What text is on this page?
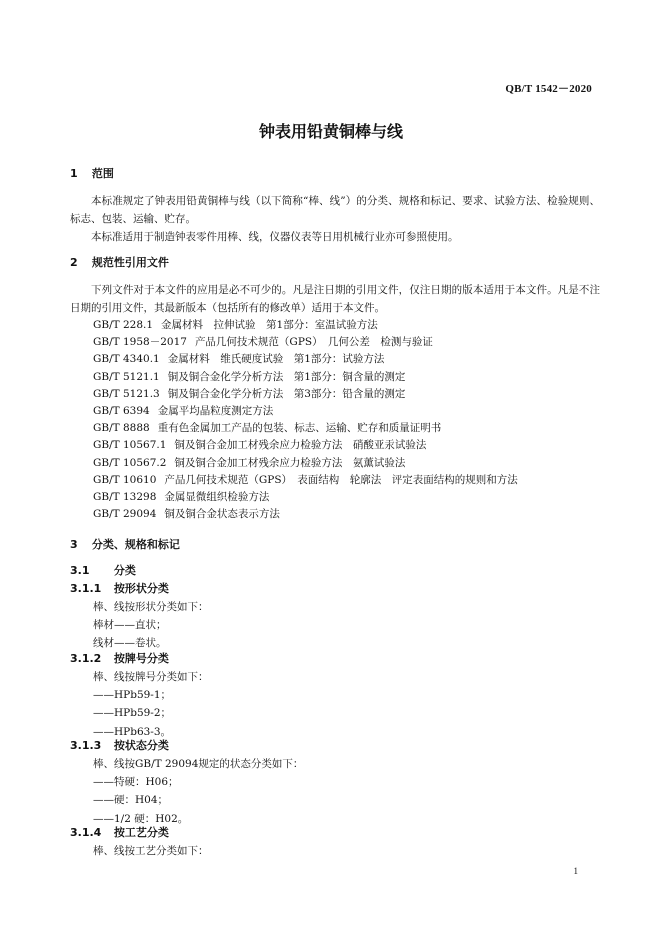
QB/T 1542－2020
钟表用铅黄铜棒与线
1 范围
本标准规定了钟表用铅黄铜棒与线（以下简称“棒、线”）的分类、规格和标记、要求、试验方法、检验规则、标志、包装、运输、贮存。
本标准适用于制造钟表零件用棒、线，仪器仪表等日用机械行业亦可参照使用。
2 规范性引用文件
下列文件对于本文件的应用是必不可少的。凡是注日期的引用文件，仅注日期的版本适用于本文件。凡是不注日期的引用文件，其最新版本（包括所有的修改单）适用于本文件。
GB/T 228.1 金属材料　拉伸试验　第1部分：室温试验方法
GB/T 1958－2017 产品几何技术规范（GPS）　几何公差　检测与验证
GB/T 4340.1 金属材料　维氏硬度试验　第1部分：试验方法
GB/T 5121.1 铜及铜合金化学分析方法　第1部分：铜含量的测定
GB/T 5121.3 铜及铜合金化学分析方法　第3部分：铅含量的测定
GB/T 6394 金属平均晶粒度测定方法
GB/T 8888 重有色金属加工产品的包装、标志、运输、贮存和质量证明书
GB/T 10567.1 铜及铜合金加工材残余应力检验方法　硝酸亚汞试验法
GB/T 10567.2 铜及铜合金加工材残余应力检验方法　氨薰试验法
GB/T 10610 产品几何技术规范（GPS）　表面结构　轮廓法　评定表面结构的规则和方法
GB/T 13298 金属显微组织检验方法
GB/T 29094 铜及铜合金状态表示方法
3 分类、规格和标记
3.1 分类
3.1.1 按形状分类
棒、线按形状分类如下：
棒材——直状；
线材——卷状。
3.1.2 按牌号分类
棒、线按牌号分类如下：
——HPb59-1；
——HPb59-2；
——HPb63-3。
3.1.3 按状态分类
棒、线按GB/T 29094规定的状态分类如下：
——特硬：H06；
——硬：H04；
——1/2 硬：H02。
3.1.4 按工艺分类
棒、线按工艺分类如下：
1
